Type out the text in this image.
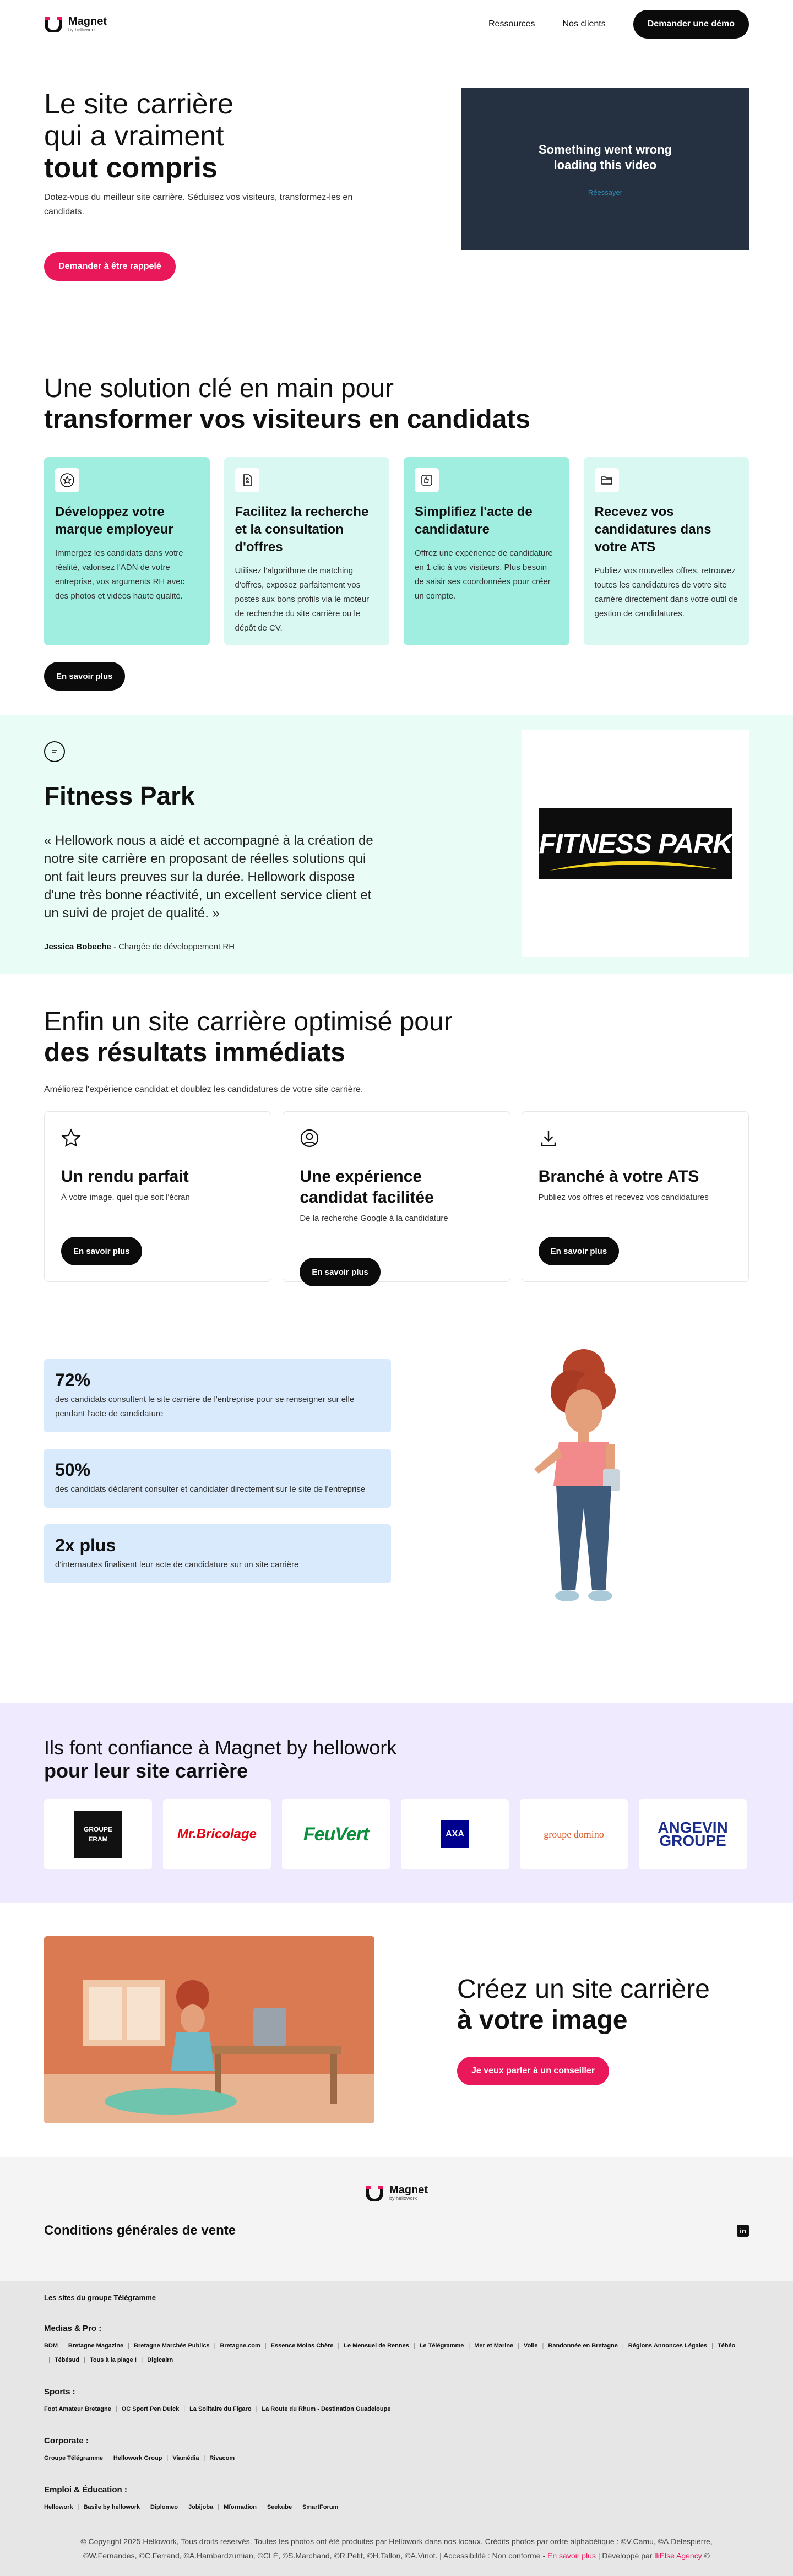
Magnet
by hellowork
Ressources	Nos clients	Demander une démo
Le site carrière
qui a vraiment
tout compris

Dotez-vous du meilleur site carrière. Séduisez vos visiteurs, transformez-les en candidats.

Demander à être rappelé
Something went wrong loading this video
Réessayer
Une solution clé en main pour
transformer vos visiteurs en candidats
Développez votre marque employeur

Immergez les candidats dans votre réalité, valorisez l'ADN de votre entreprise, vos arguments RH avec des photos et vidéos haute qualité.

Facilitez la recherche et la consultation d'offres

Utilisez l'algorithme de matching d'offres, exposez parfaitement vos postes aux bons profils via le moteur de recherche du site carrière ou le dépôt de CV.

Simplifiez l'acte de candidature

Offrez une expérience de candidature en 1 clic à vos visiteurs. Plus besoin de saisir ses coordonnées pour créer un compte.

Recevez vos candidatures dans votre ATS

Publiez vos nouvelles offres, retrouvez toutes les candidatures de votre site carrière directement dans votre outil de gestion de candidatures.

En savoir plus
Fitness Park
« Hellowork nous a aidé et accompagné à la création de notre site carrière en proposant de réelles solutions qui ont fait leurs preuves sur la durée. Hellowork dispose d'une très bonne réactivité, un excellent service client et un suivi de projet de qualité. »

Jessica Bobeche - Chargée de développement RH

FITNESS PARK
Enfin un site carrière optimisé pour
des résultats immédiats

Améliorez l'expérience candidat et doublez les candidatures de votre site carrière.

Un rendu parfait

À votre image, quel que soit l'écran

En savoir plus
Une expérience candidat facilitée

De la recherche Google à la candidature

En savoir plus
Branché à votre ATS

Publiez vos offres et recevez vos candidatures

En savoir plus
72%
des candidats consultent le site carrière de l'entreprise pour se renseigner sur elle pendant l'acte de candidature
50%
des candidats déclarent consulter et candidater directement sur le site de l'entreprise
2x plus
d'internautes finalisent leur acte de candidature sur un site carrière
Ils font confiance à Magnet by hellowork
pour leur site carrière
GROUPE ERAM	Mr.Bricolage FeuVert	AXA	groupe domino	ANGEVIN GROUPE
Créez un site carrière
à votre image
Je veux parler à un conseiller
Magnet
by hellowork
Conditions générales de vente	in
Les sites du groupe Télégramme
Medias & Pro :
BDM | Bretagne Magazine | Bretagne Marchés Publics | Bretagne.com | Essence Moins Chère | Le Mensuel de Rennes | Le Télégramme | Mer et Marine | Voile | Randonnée en Bretagne | Régions Annonces Légales | Tébéo| Tébésud | Tous à la plage ! | Digicairn
Sports :
Foot Amateur Bretagne | OC Sport Pen Duick | La Solitaire du Figaro | La Route du Rhum - Destination Guadeloupe
Corporate :
Groupe Télégramme | Hellowork Group | Viamédia | Rivacom
Emploi & Éducation :
Hellowork | Basile by hellowork | Diplomeo | Jobijoba | Mformation | Seekube | SmartForum

© Copyright 2025 Hellowork, Tous droits reservés. Toutes les photos ont été produites par Hellowork dans nos locaux. Crédits photos par ordre alphabétique : ©V.Camu, ©A.Delespierre, ©W.Fernandes, ©C.Ferrand, ©A.Hambardzumian, ©CLÉ, ©S.Marchand, ©R.Petit, ©H.Tallon, ©A.Vinot. | Accessibilité : Non conforme - En savoir plus | Développé par lliElse Agency ©
